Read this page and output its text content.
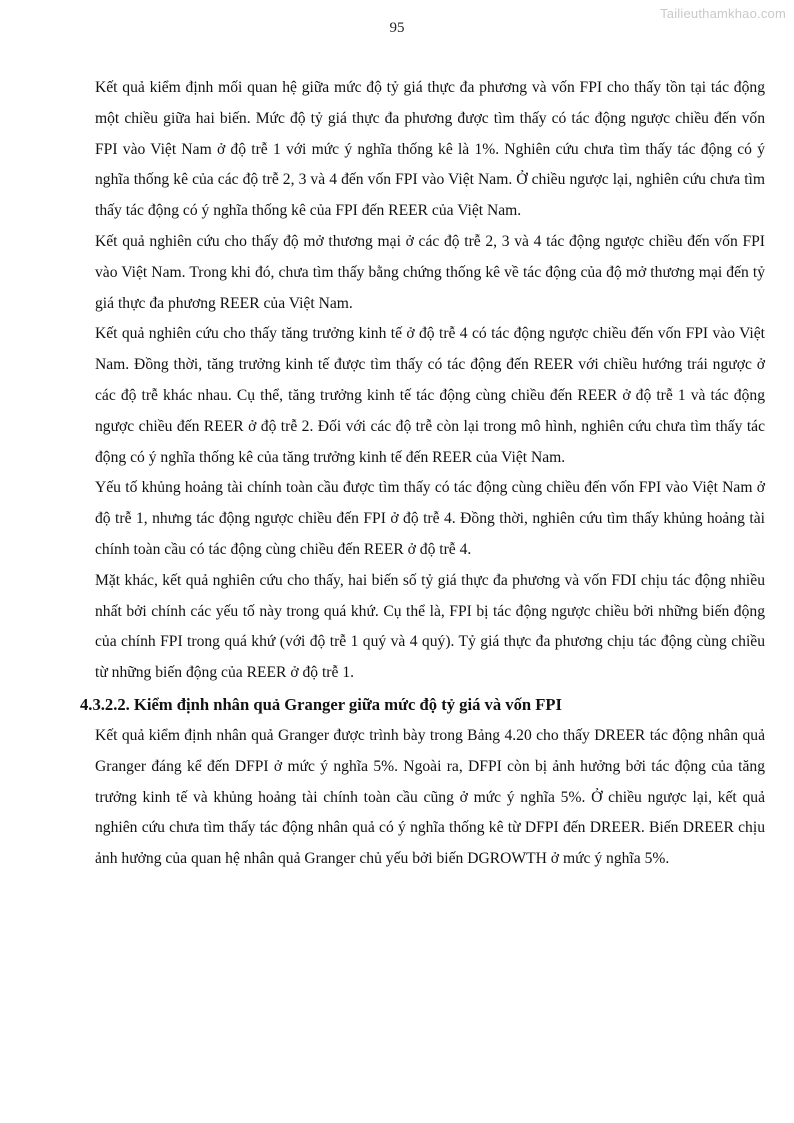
Tailieuthamkhao.com
95

Kết quả kiểm định mối quan hệ giữa mức độ tỷ giá thực đa phương và vốn FPI cho thấy tồn tại tác động một chiều giữa hai biến. Mức độ tỷ giá thực đa phương được tìm thấy có tác động ngược chiều đến vốn FPI vào Việt Nam ở độ trễ 1 với mức ý nghĩa thống kê là 1%. Nghiên cứu chưa tìm thấy tác động có ý nghĩa thống kê của các độ trễ 2, 3 và 4 đến vốn FPI vào Việt Nam. Ở chiều ngược lại, nghiên cứu chưa tìm thấy tác động có ý nghĩa thống kê của FPI đến REER của Việt Nam.

Kết quả nghiên cứu cho thấy độ mở thương mại ở các độ trễ 2, 3 và 4 tác động ngược chiều đến vốn FPI vào Việt Nam. Trong khi đó, chưa tìm thấy bằng chứng thống kê về tác động của độ mở thương mại đến tỷ giá thực đa phương REER của Việt Nam.

Kết quả nghiên cứu cho thấy tăng trưởng kinh tế ở độ trễ 4 có tác động ngược chiều đến vốn FPI vào Việt Nam. Đồng thời, tăng trưởng kinh tế được tìm thấy có tác động đến REER với chiều hướng trái ngược ở các độ trễ khác nhau. Cụ thể, tăng trưởng kinh tế tác động cùng chiều đến REER ở độ trễ 1 và tác động ngược chiều đến REER ở độ trễ 2. Đối với các độ trễ còn lại trong mô hình, nghiên cứu chưa tìm thấy tác động có ý nghĩa thống kê của tăng trưởng kinh tế đến REER của Việt Nam.

Yếu tố khủng hoảng tài chính toàn cầu được tìm thấy có tác động cùng chiều đến vốn FPI vào Việt Nam ở độ trễ 1, nhưng tác động ngược chiều đến FPI ở độ trễ 4. Đồng thời, nghiên cứu tìm thấy khủng hoảng tài chính toàn cầu có tác động cùng chiều đến REER ở độ trễ 4.

Mặt khác, kết quả nghiên cứu cho thấy, hai biến số tỷ giá thực đa phương và vốn FDI chịu tác động nhiều nhất bởi chính các yếu tố này trong quá khứ. Cụ thể là, FPI bị tác động ngược chiều bởi những biến động của chính FPI trong quá khứ (với độ trễ 1 quý và 4 quý). Tỷ giá thực đa phương chịu tác động cùng chiều từ những biến động của REER ở độ trễ 1.

4.3.2.2. Kiểm định nhân quả Granger giữa mức độ tỷ giá và vốn FPI

Kết quả kiểm định nhân quả Granger được trình bày trong Bảng 4.20 cho thấy DREER tác động nhân quả Granger đáng kể đến DFPI ở mức ý nghĩa 5%. Ngoài ra, DFPI còn bị ảnh hưởng bởi tác động của tăng trưởng kinh tế và khủng hoảng tài chính toàn cầu cũng ở mức ý nghĩa 5%. Ở chiều ngược lại, kết quả nghiên cứu chưa tìm thấy tác động nhân quả có ý nghĩa thống kê từ DFPI đến DREER. Biến DREER chịu ảnh hưởng của quan hệ nhân quả Granger chủ yếu bởi biến DGROWTH ở mức ý nghĩa 5%.
